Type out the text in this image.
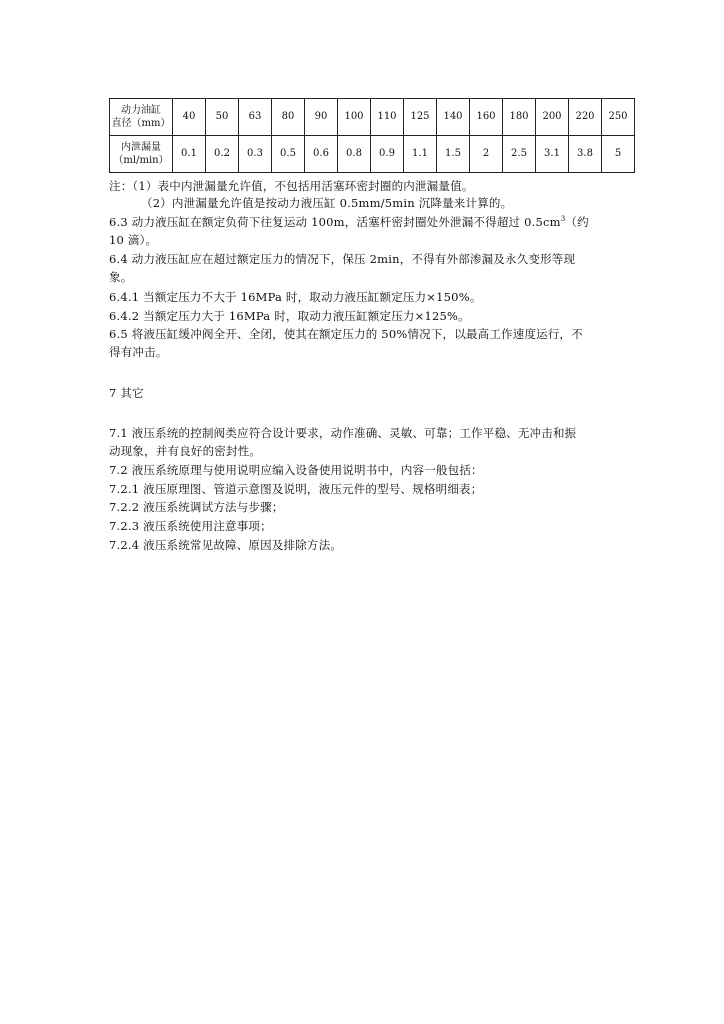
动力油缸
直径（mm）	40	50	63	80	90	100	110	125	140	160	180	200	220	250

内泄漏量
（ml/min）	0.1	0.2	0.3	0.5	0.6	0.8	0.9	1.1	1.5	2	2.5	3.1	3.8	5
注：（1）表中内泄漏量允许值，不包括用活塞环密封圈的内泄漏量值。
（2）内泄漏量允许值是按动力液压缸 0.5mm/5min 沉降量来计算的。
6.3 动力液压缸在额定负荷下往复运动 100m，活塞杆密封圈处外泄漏不得超过 $0.5cm^3$（约
10 滴）。
6.4 动力液压缸应在超过额定压力的情况下，保压 2min，不得有外部渗漏及永久变形等现
象。
6.4.1 当额定压力不大于 16MPa 时，取动力液压缸额定压力×150%。
6.4.2 当额定压力大于 16MPa 时，取动力液压缸额定压力×125%。
6.5 将液压缸缓冲阀全开、全闭，使其在额定压力的 50%情况下，以最高工作速度运行，不
得有冲击。
7 其它
7.1 液压系统的控制阀类应符合设计要求，动作准确、灵敏、可靠；工作平稳、无冲击和振
动现象，并有良好的密封性。
7.2 液压系统原理与使用说明应编入设备使用说明书中，内容一般包括：
7.2.1 液压原理图、管道示意图及说明，液压元件的型号、规格明细表；
7.2.2 液压系统调试方法与步骤；
7.2.3 液压系统使用注意事项；
7.2.4 液压系统常见故障、原因及排除方法。
